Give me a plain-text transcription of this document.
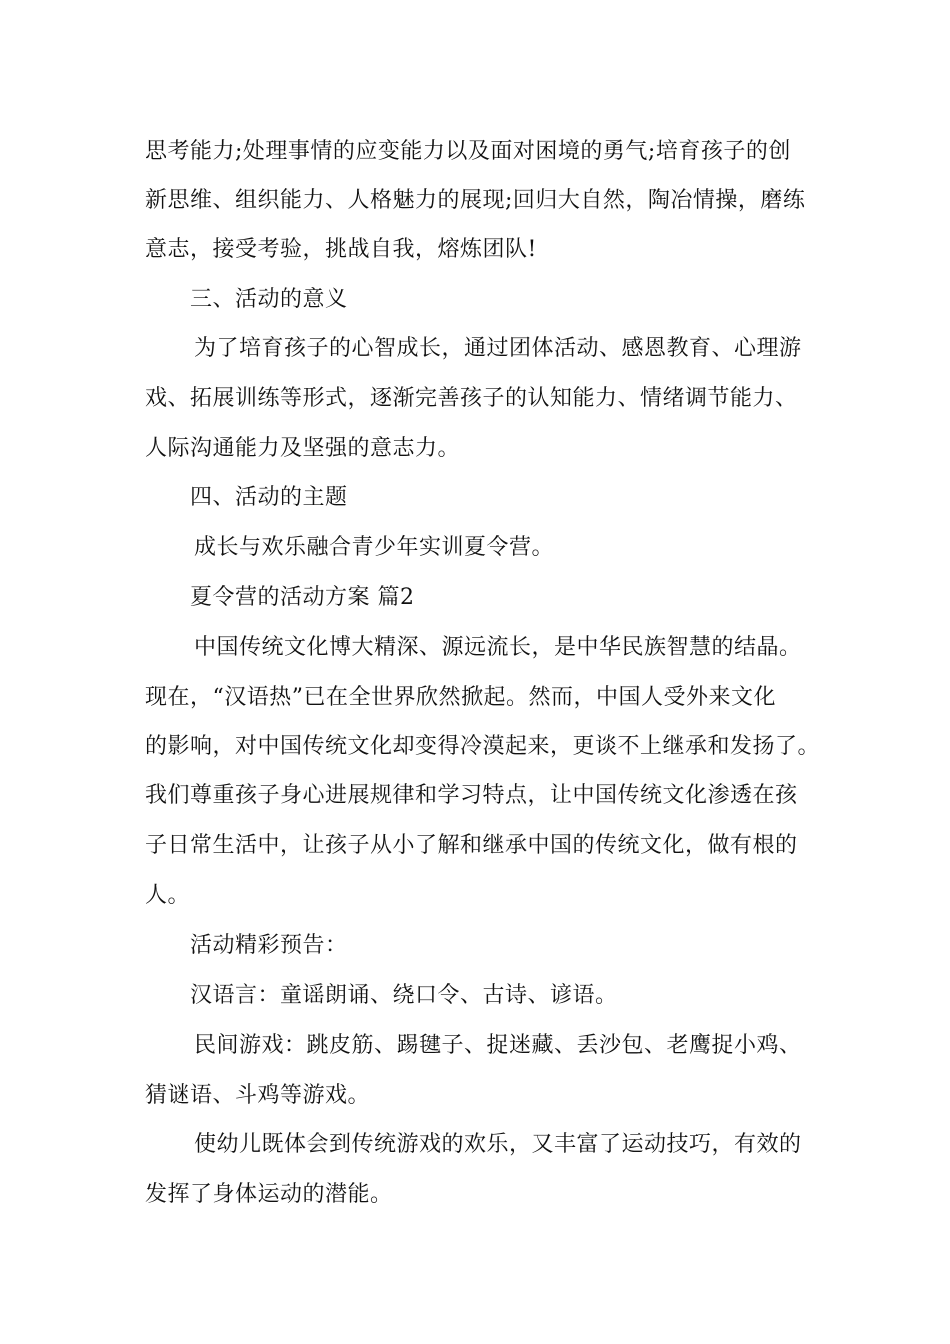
思考能力;处理事情的应变能力以及面对困境的勇气;培育孩子的创
新思维、组织能力、人格魅力的展现;回归大自然，陶冶情操，磨练
意志，接受考验，挑战自我，熔炼团队!
三、活动的意义
为了培育孩子的心智成长，通过团体活动、感恩教育、心理游
戏、拓展训练等形式，逐渐完善孩子的认知能力、情绪调节能力、
人际沟通能力及坚强的意志力。
四、活动的主题
成长与欢乐融合青少年实训夏令营。
夏令营的活动方案 篇2
中国传统文化博大精深、源远流长，是中华民族智慧的结晶。
现在，“汉语热”已在全世界欣然掀起。然而，中国人受外来文化
的影响，对中国传统文化却变得冷漠起来，更谈不上继承和发扬了。
我们尊重孩子身心进展规律和学习特点，让中国传统文化渗透在孩
子日常生活中，让孩子从小了解和继承中国的传统文化，做有根的
人。
活动精彩预告：
汉语言：童谣朗诵、绕口令、古诗、谚语。
民间游戏：跳皮筋、踢毽子、捉迷藏、丢沙包、老鹰捉小鸡、
猜谜语、斗鸡等游戏。
使幼儿既体会到传统游戏的欢乐，又丰富了运动技巧，有效的
发挥了身体运动的潜能。
